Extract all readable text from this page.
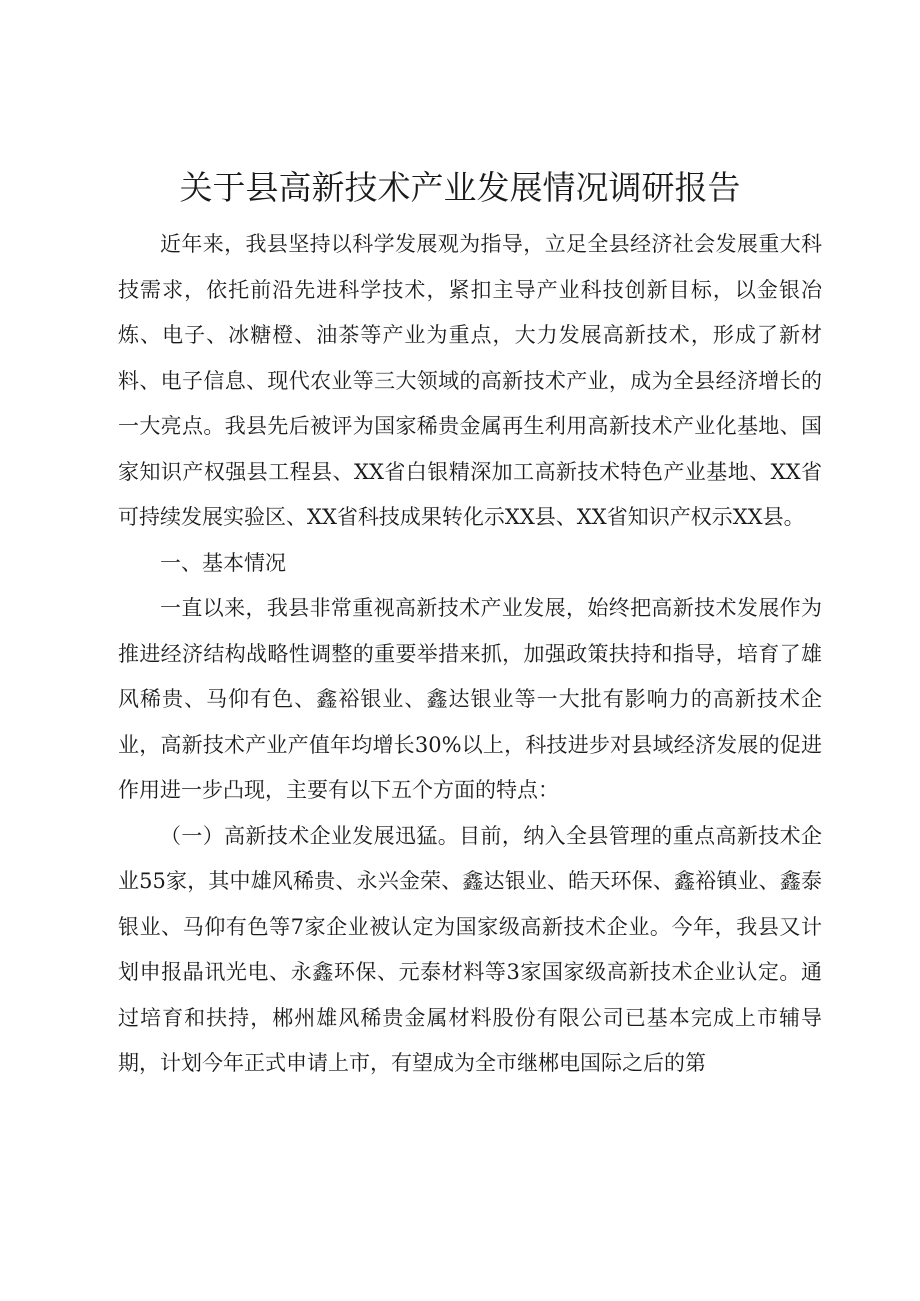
关于县高新技术产业发展情况调研报告

近年来，我县坚持以科学发展观为指导，立足全县经济社会发展重大科技需求，依托前沿先进科学技术，紧扣主导产业科技创新目标，以金银冶炼、电子、冰糖橙、油茶等产业为重点，大力发展高新技术，形成了新材料、电子信息、现代农业等三大领域的高新技术产业，成为全县经济增长的一大亮点。我县先后被评为国家稀贵金属再生利用高新技术产业化基地、国家知识产权强县工程县、XX省白银精深加工高新技术特色产业基地、XX省可持续发展实验区、XX省科技成果转化示XX县、XX省知识产权示XX县。

一、基本情况

一直以来，我县非常重视高新技术产业发展，始终把高新技术发展作为推进经济结构战略性调整的重要举措来抓，加强政策扶持和指导，培育了雄风稀贵、马仰有色、鑫裕银业、鑫达银业等一大批有影响力的高新技术企业，高新技术产业产值年均增长30%以上，科技进步对县域经济发展的促进作用进一步凸现，主要有以下五个方面的特点：

（一）高新技术企业发展迅猛。目前，纳入全县管理的重点高新技术企业55家，其中雄风稀贵、永兴金荣、鑫达银业、皓天环保、鑫裕镇业、鑫泰银业、马仰有色等7家企业被认定为国家级高新技术企业。今年，我县又计划申报晶讯光电、永鑫环保、元泰材料等3家国家级高新技术企业认定。通过培育和扶持，郴州雄风稀贵金属材料股份有限公司已基本完成上市辅导期，计划今年正式申请上市，有望成为全市继郴电国际之后的第
